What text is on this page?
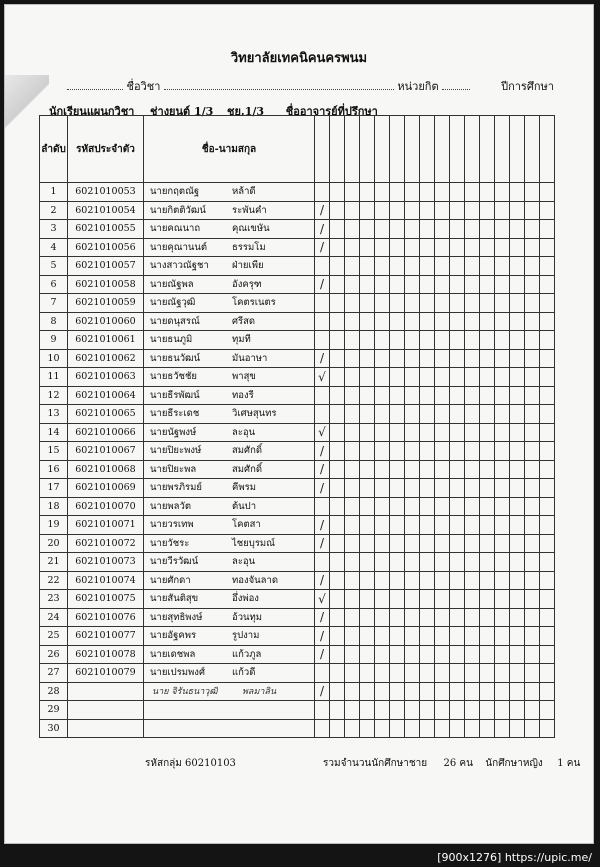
วิทยาลัยเทคนิคนครพนม
ชื่อวิชา	หน่วยกิต	ปีการศึกษา
นักเรียนแผนกวิชา ช่างยนต์ 1/3 ชย.1/3 ชื่ออาจารย์ที่ปรึกษา
ลำดับ	รหัสประจำตัว	ชื่อ-นามสกุล																
1	6021010053	นายกฤตณัฐ หล้าดี																
2	6021010054	นายกิตติวัฒน์ ระพันคำ	/															
3	6021010055	นายคณนาถ คุณเขษัน	/															
4	6021010056	นายคุณานนต์ ธรรมโม	/															
5	6021010057	นางสาวณัฐชา ฝ่ายเพีย																
6	6021010058	นายณัฐพล อังครุฑ	/															
7	6021010059	นายณัฐวุฒิ โคตรเนตร																
8	6021010060	นายดนุสรณ์ ศรีสด																
9	6021010061	นายธนภูมิ ทุมที																
10	6021010062	นายธนวัฒน์ มันอาษา	/															
11	6021010063	นายธวัชชัย พาสุข	√															
12	6021010064	นายธีรพัฒน์ ทองรี																
13	6021010065	นายธีระเดช วิเศษสุนทร																
14	6021010066	นายนัฐพงษ์ ละอุน	√															
15	6021010067	นายปิยะพงษ์ สมศักดิ์	/															
16	6021010068	นายปิยะพล สมศักดิ์	/															
17	6021010069	นายพรภิรมย์ คีพรม	/															
18	6021010070	นายพลวัต ต้นปา																
19	6021010071	นายวรเทพ โคตสา	/															
20	6021010072	นายวัชระ ไชยบุรมณ์	/															
21	6021010073	นายวีรวัฒน์ ละอุน																
22	6021010074	นายศักดา ทองจันลาด	/															
23	6021010075	นายสันติสุข อึ่งพ่อง	√															
24	6021010076	นายสุทธิพงษ์ อ้วนทุม	/															
25	6021010077	นายอัฐคพร รูปงาม	/															
26	6021010078	นายเดชพล แก้วภูล	/															
27	6021010079	นายเปรมพงศ์ แก้วดี																
28		นาย จิรันธนาวุฒิ พลมาลิน	/															
29																		
30																		
รหัสกลุ่ม 60210103	รวมจำนวนนักศึกษาชาย 26 คน นักศึกษาหญิง 1 คน
[900x1276] https://upic.me/
